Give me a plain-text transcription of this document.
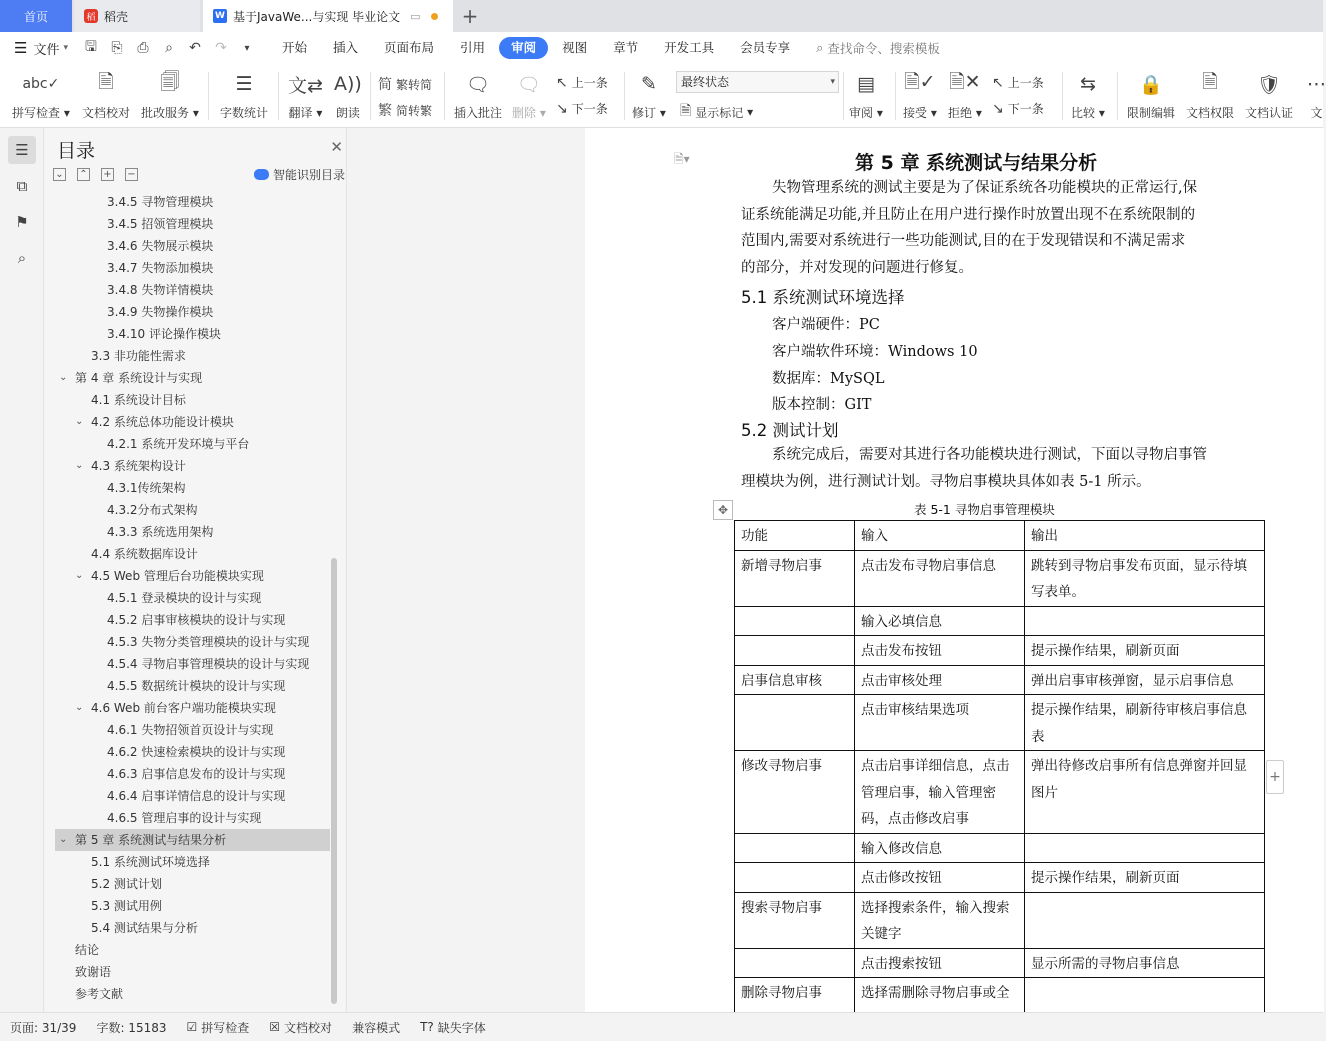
首页	稻 稻壳	W 基于JavaWe...与实现 毕业论文 ▭ +
☰ 文件 ▾ 🖫 ⎘ ⎙	⌕	↶ ↷	▾	开始	插入	页面布局	引用	审阅	视图	章节	开发工具	会员专享	⌕ 查找命令、搜索模板
abc✓
拼写检查 ▾
🗎
文档校对
🗐
批改服务 ▾
☰
字数统计
文⇄
翻译 ▾
A))
朗读
简 繁转简
繁 简转繁
🗨
插入批注
🗨
删除 ▾
↖ 上一条
↘ 下一条
✎
修订 ▾
最终状态	▾
🗎 显示标记 ▾
▤
审阅 ▾
🗎✓
接受 ▾
🗎✕
拒绝 ▾
↖ 上一条
↘ 下一条
⇆
比较 ▾
🔒
限制编辑
🗎
文档权限
🛡
文档认证
⋯
文
☰
⧉
⚑
⌕
目录	✕
⌄ ⌃ + −	智能识别目录
3.4.5 寻物管理模块
3.4.5 招领管理模块
3.4.6 失物展示模块
3.4.7 失物添加模块
3.4.8 失物详情模块
3.4.9 失物操作模块
3.4.10 评论操作模块
3.3 非功能性需求
⌄ 第 4 章 系统设计与实现
4.1 系统设计目标
⌄ 4.2 系统总体功能设计模块
4.2.1 系统开发环境与平台
⌄ 4.3 系统架构设计
4.3.1传统架构
4.3.2分布式架构
4.3.3 系统选用架构
4.4 系统数据库设计
⌄ 4.5 Web 管理后台功能模块实现
4.5.1 登录模块的设计与实现
4.5.2 启事审核模块的设计与实现
4.5.3 失物分类管理模块的设计与实现
4.5.4 寻物启事管理模块的设计与实现
4.5.5 数据统计模块的设计与实现
⌄ 4.6 Web 前台客户端功能模块实现
4.6.1 失物招领首页设计与实现
4.6.2 快速检索模块的设计与实现
4.6.3 启事信息发布的设计与实现
4.6.4 启事详情信息的设计与实现
4.6.5 管理启事的设计与实现
⌄ 第 5 章 系统测试与结果分析
5.1 系统测试环境选择
5.2 测试计划
5.3 测试用例
5.4 测试结果与分析
结论
致谢语
参考文献
🗎▾	第 5 章 系统测试与结果分析
失物管理系统的测试主要是为了保证系统各功能模块的正常运行,保
证系统能满足功能,并且防止在用户进行操作时放置出现不在系统限制的
范围内,需要对系统进行一些功能测试,目的在于发现错误和不满足需求
的部分，并对发现的问题进行修复。
5.1 系统测试环境选择
客户端硬件：PC
客户端软件环境：Windows 10
数据库：MySQL
版本控制：GIT
5.2 测试计划
系统完成后，需要对其进行各功能模块进行测试，下面以寻物启事管
理模块为例，进行测试计划。寻物启事模块具体如表 5-1 所示。
✥	表 5-1 寻物启事管理模块
功能	输入	输出
新增寻物启事	点击发布寻物启事信息	跳转到寻物启事发布页面，显示待填写表单。
	输入必填信息	
	点击发布按钮	提示操作结果，刷新页面
启事信息审核	点击审核处理	弹出启事审核弹窗，显示启事信息
	点击审核结果选项	提示操作结果，刷新待审核启事信息表
修改寻物启事	点击启事详细信息，点击管理启事，输入管理密码，点击修改启事	弹出待修改启事所有信息弹窗并回显图片
	输入修改信息	
	点击修改按钮	提示操作结果，刷新页面
搜索寻物启事	选择搜索条件，输入搜索关键字	
	点击搜索按钮	显示所需的寻物启事信息
删除寻物启事	选择需删除寻物启事或全	
+
页面: 31/39 字数: 15183 ☑ 拼写检查 ☒ 文档校对 兼容模式 T? 缺失字体
